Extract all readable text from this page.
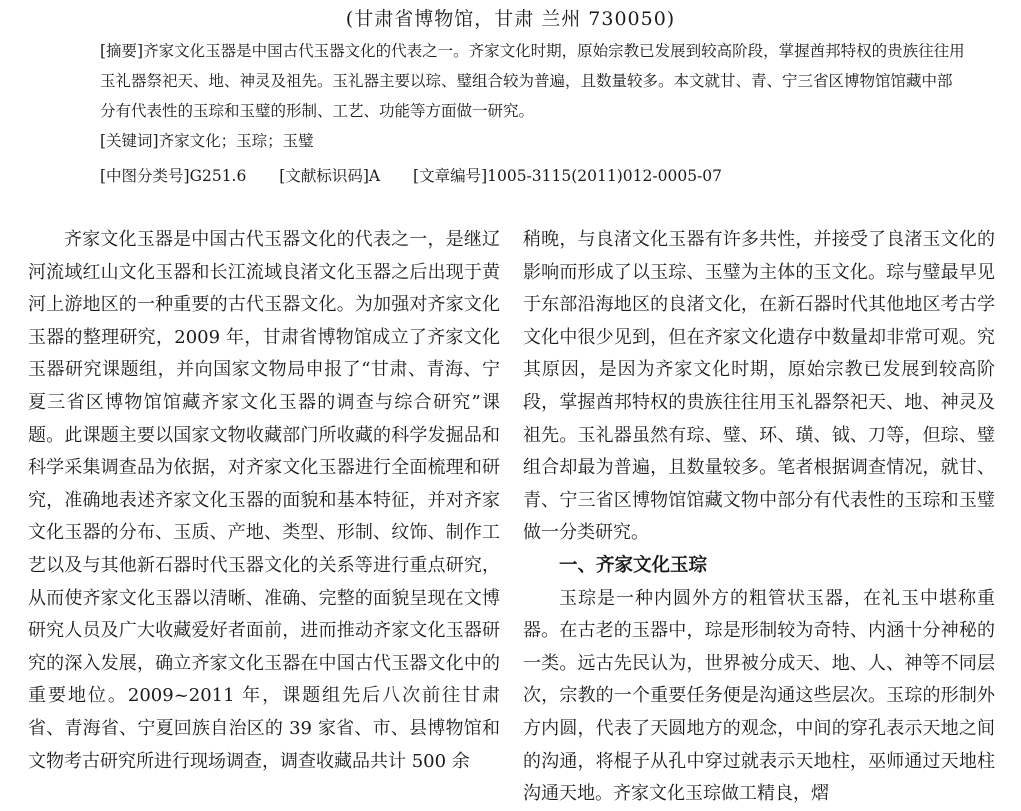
(甘肃省博物馆，甘肃 兰州 730050)

[摘要]齐家文化玉器是中国古代玉器文化的代表之一。齐家文化时期，原始宗教已发展到较高阶段，掌握酋邦特权的贵族往往用玉礼器祭祀天、地、神灵及祖先。玉礼器主要以琮、璧组合较为普遍，且数量较多。本文就甘、青、宁三省区博物馆馆藏中部分有代表性的玉琮和玉璧的形制、工艺、功能等方面做一研究。

[关键词]齐家文化；玉琮；玉璧

[中图分类号]G251.6 [文献标识码]A [文章编号]1005-3115(2011)012-0005-07

齐家文化玉器是中国古代玉器文化的代表之一，是继辽河流域红山文化玉器和长江流域良渚文化玉器之后出现于黄河上游地区的一种重要的古代玉器文化。为加强对齐家文化玉器的整理研究，2009 年，甘肃省博物馆成立了齐家文化玉器研究课题组，并向国家文物局申报了“甘肃、青海、宁夏三省区博物馆馆藏齐家文化玉器的调查与综合研究”课题。此课题主要以国家文物收藏部门所收藏的科学发掘品和科学采集调查品为依据，对齐家文化玉器进行全面梳理和研究，准确地表述齐家文化玉器的面貌和基本特征，并对齐家文化玉器的分布、玉质、产地、类型、形制、纹饰、制作工艺以及与其他新石器时代玉器文化的关系等进行重点研究，从而使齐家文化玉器以清晰、准确、完整的面貌呈现在文博研究人员及广大收藏爱好者面前，进而推动齐家文化玉器研究的深入发展，确立齐家文化玉器在中国古代玉器文化中的重要地位。2009~2011 年，课题组先后八次前往甘肃省、青海省、宁夏回族自治区的 39 家省、市、县博物馆和文物考古研究所进行现场调查，调查收藏品共计 500 余

稍晚，与良渚文化玉器有许多共性，并接受了良渚玉文化的影响而形成了以玉琮、玉璧为主体的玉文化。琮与璧最早见于东部沿海地区的良渚文化，在新石器时代其他地区考古学文化中很少见到，但在齐家文化遗存中数量却非常可观。究其原因，是因为齐家文化时期，原始宗教已发展到较高阶段，掌握酋邦特权的贵族往往用玉礼器祭祀天、地、神灵及祖先。玉礼器虽然有琮、璧、环、璜、钺、刀等，但琮、璧组合却最为普遍，且数量较多。笔者根据调查情况，就甘、青、宁三省区博物馆馆藏文物中部分有代表性的玉琮和玉璧做一分类研究。

一、齐家文化玉琮

玉琮是一种内圆外方的粗管状玉器，在礼玉中堪称重器。在古老的玉器中，琮是形制较为奇特、内涵十分神秘的一类。远古先民认为，世界被分成天、地、人、神等不同层次，宗教的一个重要任务便是沟通这些层次。玉琮的形制外方内圆，代表了天圆地方的观念，中间的穿孔表示天地之间的沟通，将棍子从孔中穿过就表示天地柱，巫师通过天地柱沟通天地。齐家文化玉琮做工精良，熠
